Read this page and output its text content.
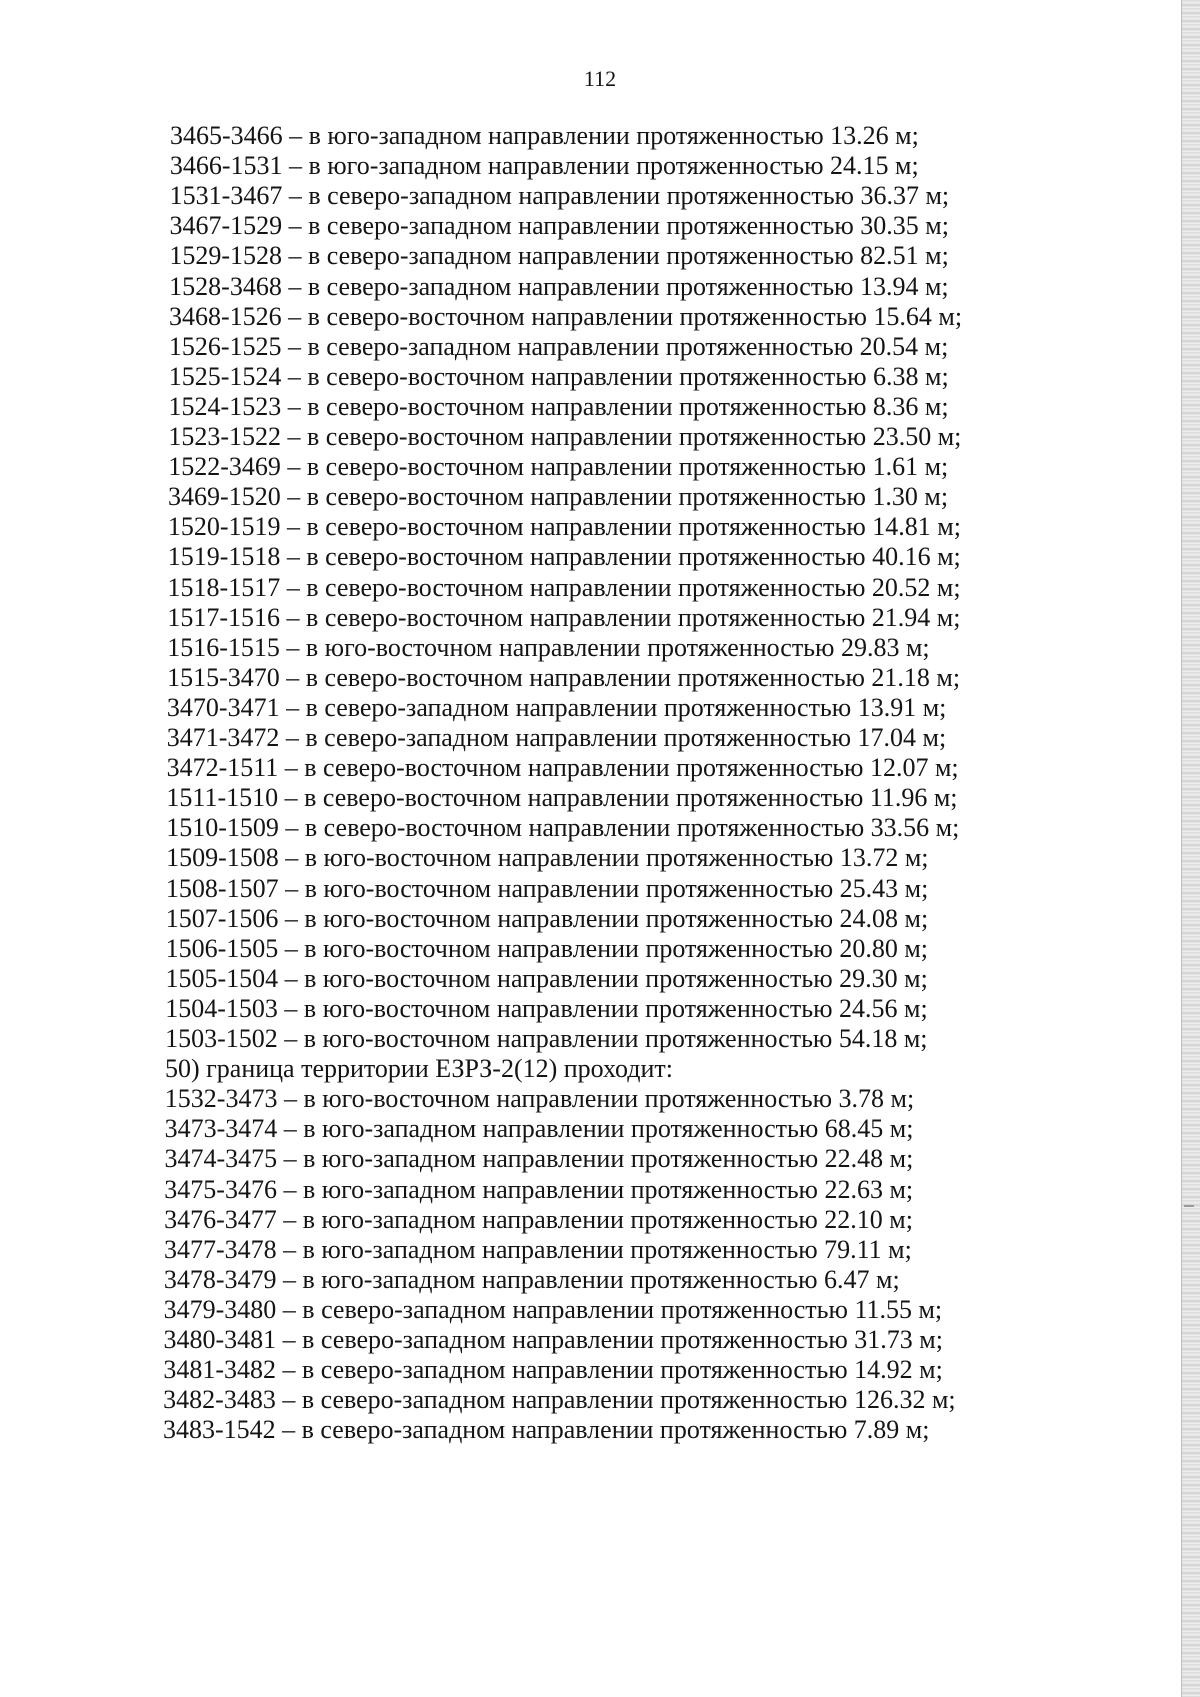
112
3465-3466 – в юго-западном направлении протяженностью 13.26 м;
3466-1531 – в юго-западном направлении протяженностью 24.15 м;
1531-3467 – в северо-западном направлении протяженностью 36.37 м;
3467-1529 – в северо-западном направлении протяженностью 30.35 м;
1529-1528 – в северо-западном направлении протяженностью 82.51 м;
1528-3468 – в северо-западном направлении протяженностью 13.94 м;
3468-1526 – в северо-восточном направлении протяженностью 15.64 м;
1526-1525 – в северо-западном направлении протяженностью 20.54 м;
1525-1524 – в северо-восточном направлении протяженностью 6.38 м;
1524-1523 – в северо-восточном направлении протяженностью 8.36 м;
1523-1522 – в северо-восточном направлении протяженностью 23.50 м;
1522-3469 – в северо-восточном направлении протяженностью 1.61 м;
3469-1520 – в северо-восточном направлении протяженностью 1.30 м;
1520-1519 – в северо-восточном направлении протяженностью 14.81 м;
1519-1518 – в северо-восточном направлении протяженностью 40.16 м;
1518-1517 – в северо-восточном направлении протяженностью 20.52 м;
1517-1516 – в северо-восточном направлении протяженностью 21.94 м;
1516-1515 – в юго-восточном направлении протяженностью 29.83 м;
1515-3470 – в северо-восточном направлении протяженностью 21.18 м;
3470-3471 – в северо-западном направлении протяженностью 13.91 м;
3471-3472 – в северо-западном направлении протяженностью 17.04 м;
3472-1511 – в северо-восточном направлении протяженностью 12.07 м;
1511-1510 – в северо-восточном направлении протяженностью 11.96 м;
1510-1509 – в северо-восточном направлении протяженностью 33.56 м;
1509-1508 – в юго-восточном направлении протяженностью 13.72 м;
1508-1507 – в юго-восточном направлении протяженностью 25.43 м;
1507-1506 – в юго-восточном направлении протяженностью 24.08 м;
1506-1505 – в юго-восточном направлении протяженностью 20.80 м;
1505-1504 – в юго-восточном направлении протяженностью 29.30 м;
1504-1503 – в юго-восточном направлении протяженностью 24.56 м;
1503-1502 – в юго-восточном направлении протяженностью 54.18 м;
50) граница территории ЕЗРЗ-2(12) проходит:
1532-3473 – в юго-восточном направлении протяженностью 3.78 м;
3473-3474 – в юго-западном направлении протяженностью 68.45 м;
3474-3475 – в юго-западном направлении протяженностью 22.48 м;
3475-3476 – в юго-западном направлении протяженностью 22.63 м;
3476-3477 – в юго-западном направлении протяженностью 22.10 м;
3477-3478 – в юго-западном направлении протяженностью 79.11 м;
3478-3479 – в юго-западном направлении протяженностью 6.47 м;
3479-3480 – в северо-западном направлении протяженностью 11.55 м;
3480-3481 – в северо-западном направлении протяженностью 31.73 м;
3481-3482 – в северо-западном направлении протяженностью 14.92 м;
3482-3483 – в северо-западном направлении протяженностью 126.32 м;
3483-1542 – в северо-западном направлении протяженностью 7.89 м;
